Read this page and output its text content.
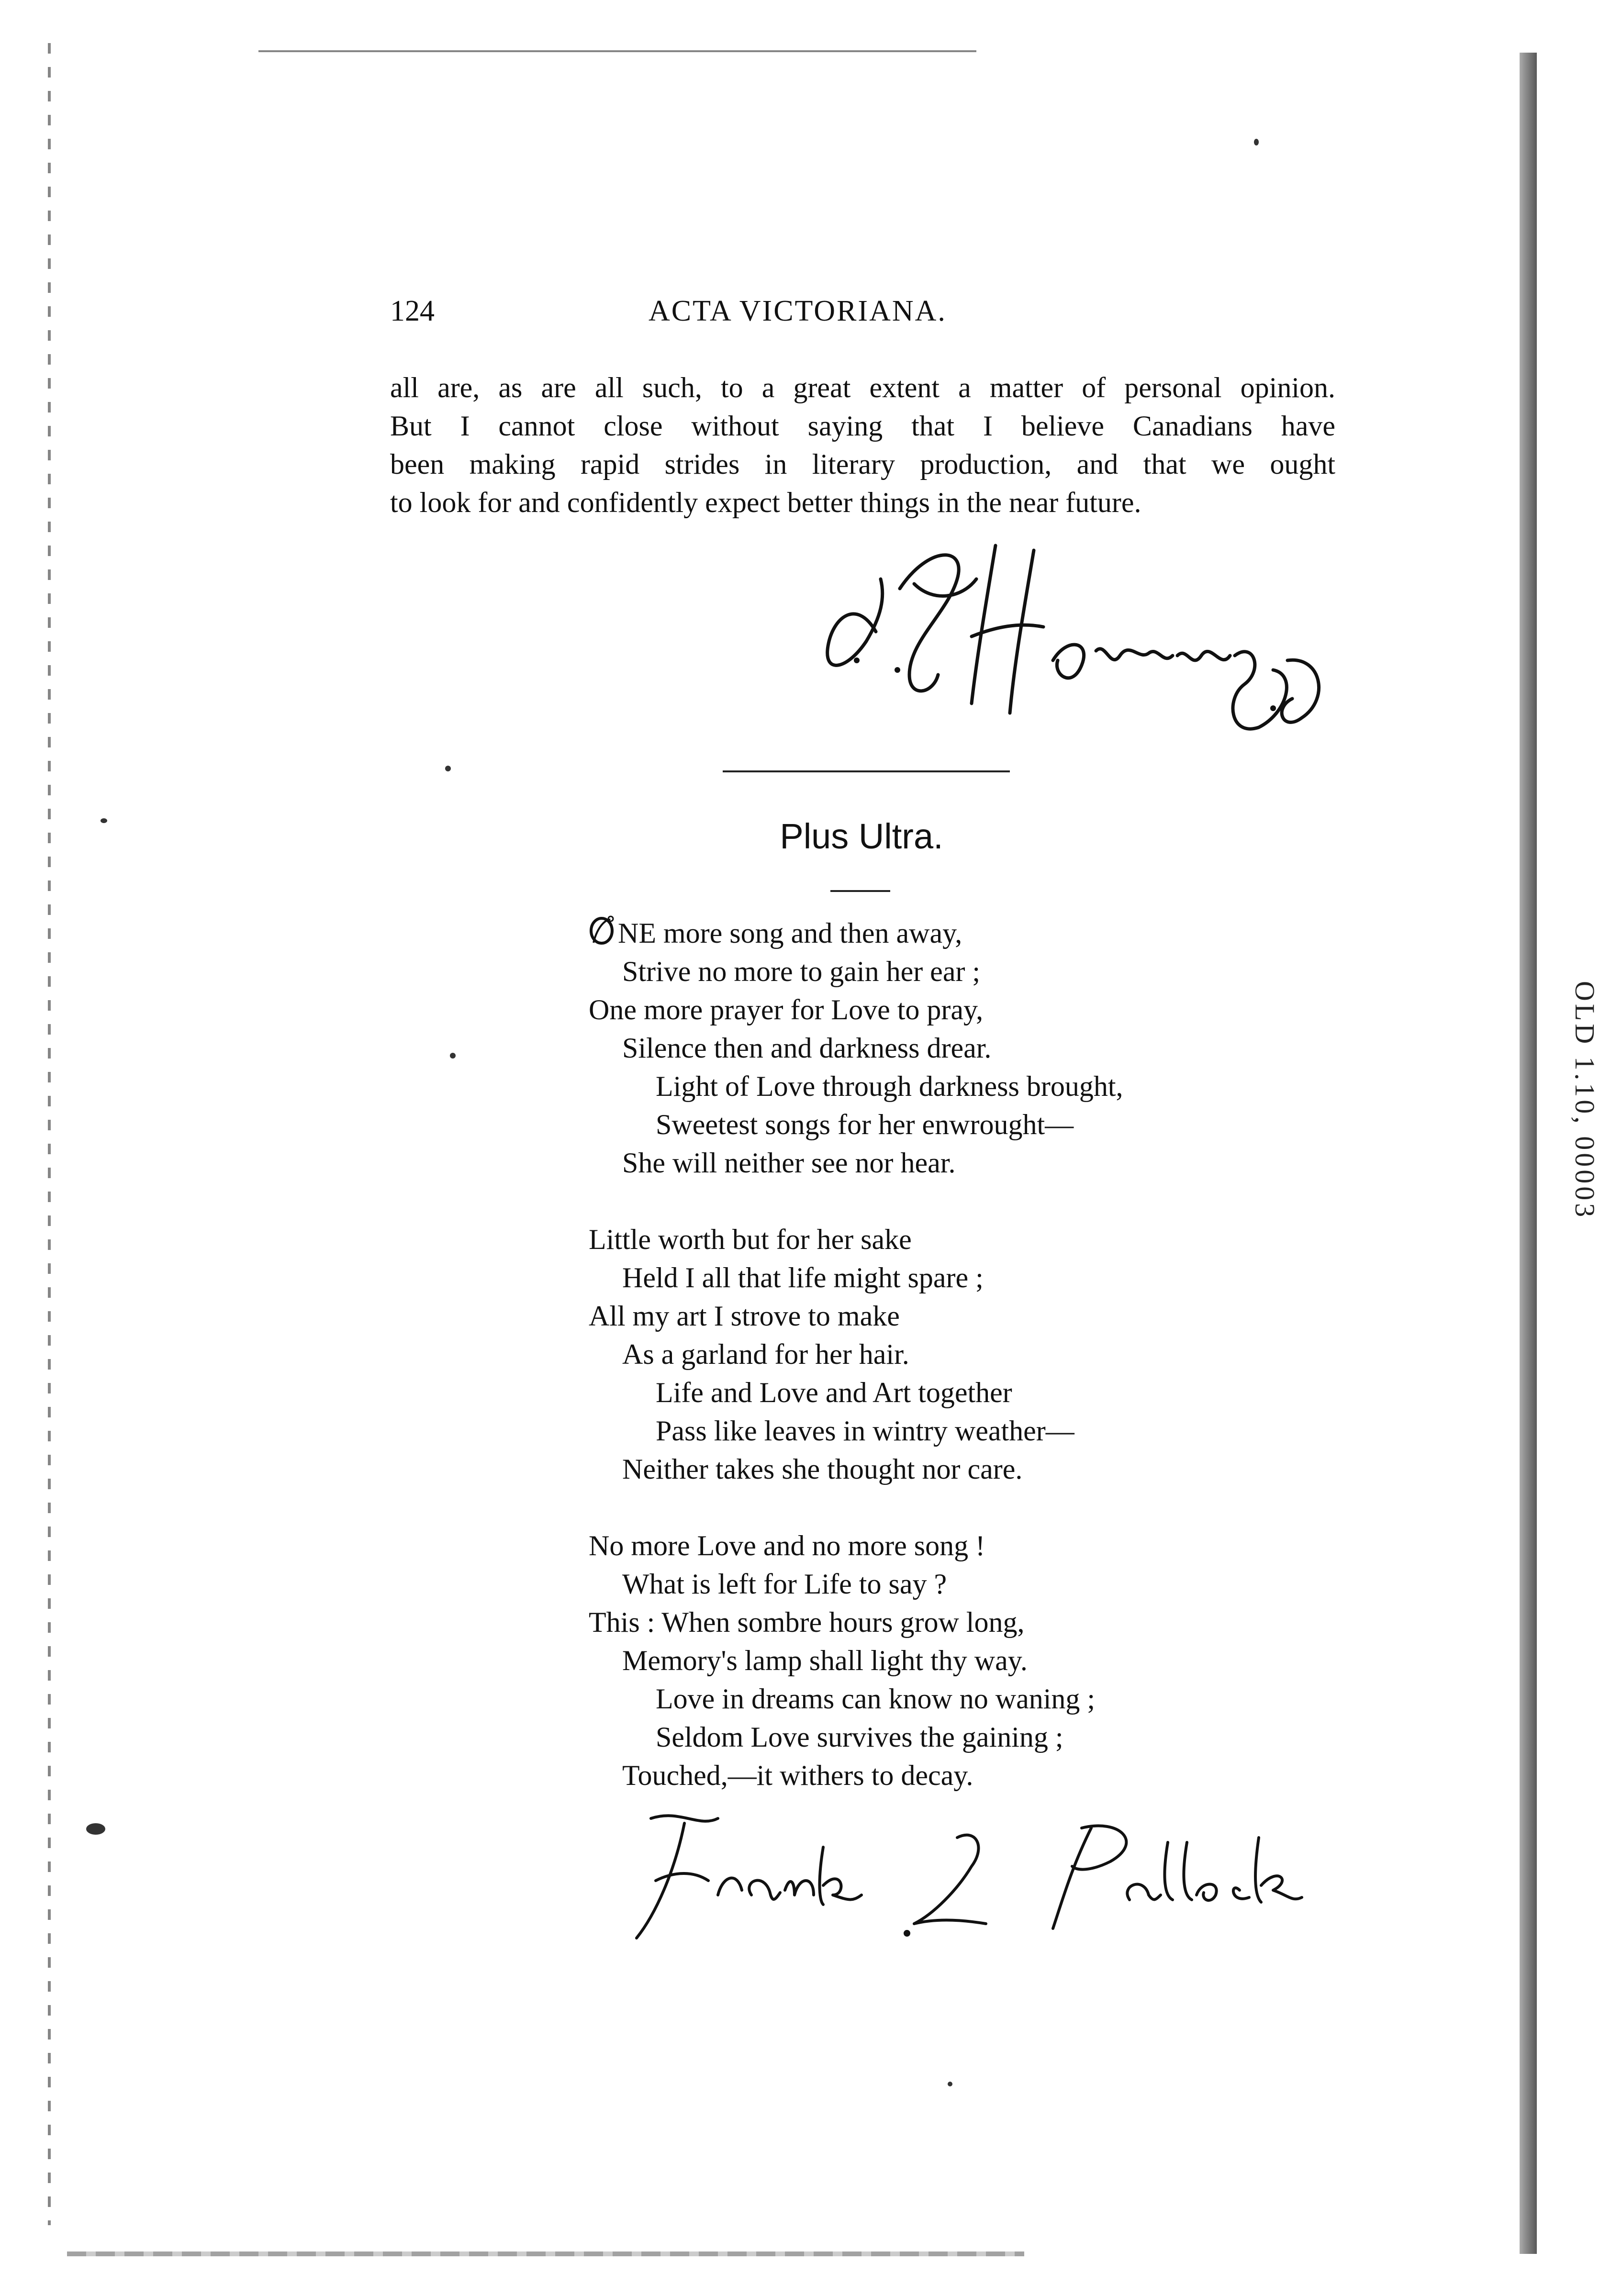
OLD 1.10, 00003
124	ACTA VICTORIANA.
all are, as are all such, to a great extent a matter of personal opinion.
But I cannot close without saying that I believe Canadians have
been making rapid strides in literary production, and that we ought
to look for and confidently expect better things in the near future.
Plus Ultra.
NE more song and then away,
Strive no more to gain her ear ;
One more prayer for Love to pray,
Silence then and darkness drear.
Light of Love through darkness brought,
Sweetest songs for her enwrought—
She will neither see nor hear.
Little worth but for her sake
Held I all that life might spare ;
All my art I strove to make
As a garland for her hair.
Life and Love and Art together
Pass like leaves in wintry weather—
Neither takes she thought nor care.
No more Love and no more song !
What is left for Life to say ?
This : When sombre hours grow long,
Memory's lamp shall light thy way.
Love in dreams can know no waning ;
Seldom Love survives the gaining ;
Touched,—it withers to decay.
